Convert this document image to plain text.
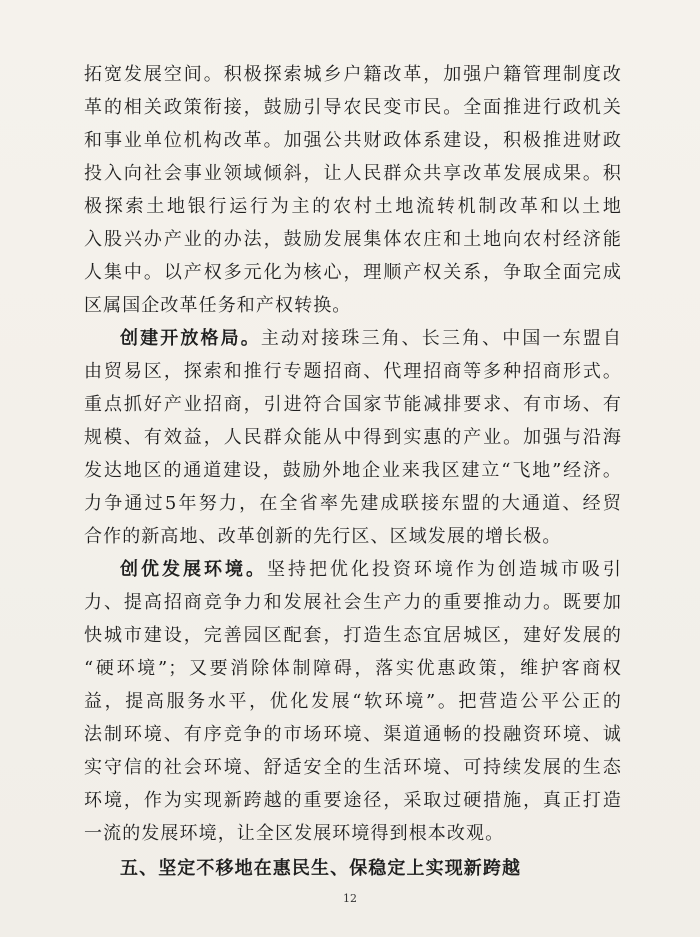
拓宽发展空间。积极探索城乡户籍改革，加强户籍管理制度改
革的相关政策衔接，鼓励引导农民变市民。全面推进行政机关
和事业单位机构改革。加强公共财政体系建设，积极推进财政
投入向社会事业领域倾斜，让人民群众共享改革发展成果。积
极探索土地银行运行为主的农村土地流转机制改革和以土地
入股兴办产业的办法，鼓励发展集体农庄和土地向农村经济能
人集中。以产权多元化为核心，理顺产权关系，争取全面完成
区属国企改革任务和产权转换。
创建开放格局。主动对接珠三角、长三角、中国一东盟自
由贸易区，探索和推行专题招商、代理招商等多种招商形式。
重点抓好产业招商，引进符合国家节能减排要求、有市场、有
规模、有效益，人民群众能从中得到实惠的产业。加强与沿海
发达地区的通道建设，鼓励外地企业来我区建立“飞地”经济。
力争通过5年努力，在全省率先建成联接东盟的大通道、经贸
合作的新高地、改革创新的先行区、区域发展的增长极。
创优发展环境。坚持把优化投资环境作为创造城市吸引
力、提高招商竞争力和发展社会生产力的重要推动力。既要加
快城市建设，完善园区配套，打造生态宜居城区，建好发展的
“硬环境”；又要消除体制障碍，落实优惠政策，维护客商权
益，提高服务水平，优化发展“软环境”。把营造公平公正的
法制环境、有序竞争的市场环境、渠道通畅的投融资环境、诚
实守信的社会环境、舒适安全的生活环境、可持续发展的生态
环境，作为实现新跨越的重要途径，采取过硬措施，真正打造
一流的发展环境，让全区发展环境得到根本改观。
五、坚定不移地在惠民生、保稳定上实现新跨越
12
